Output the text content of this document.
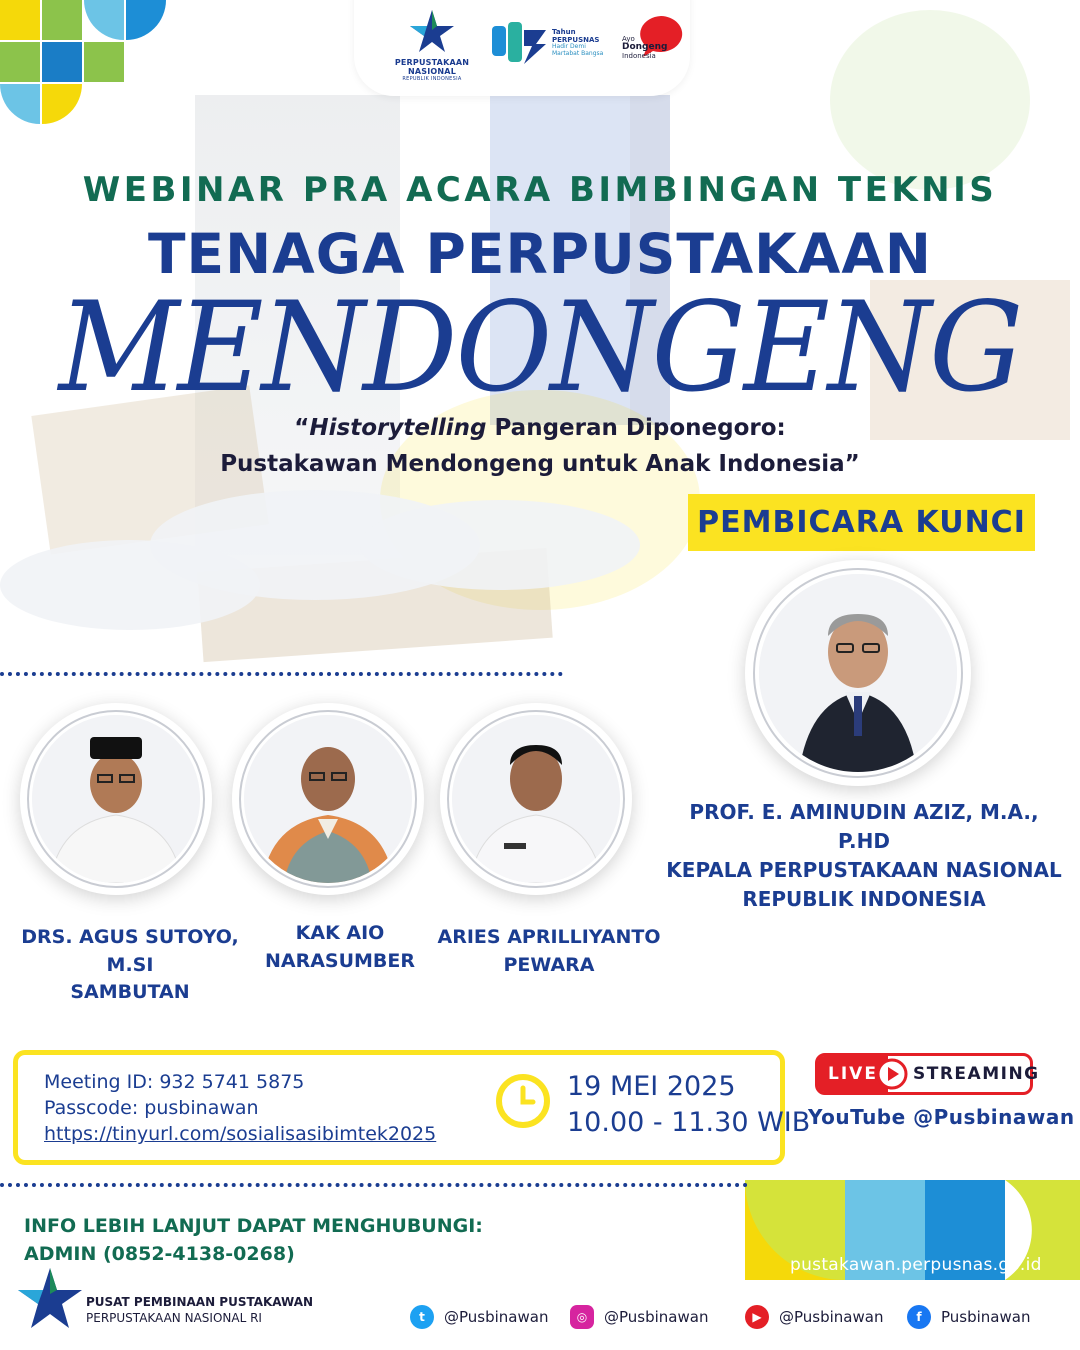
PERPUSTAKAAN NASIONAL
REPUBLIK INDONESIA
Tahun
PERPUSNAS
Hadir Demi
Martabat Bangsa
Ayo
Dongeng
Indonesia
WEBINAR PRA ACARA BIMBINGAN TEKNIS
TENAGA PERPUSTAKAAN
MENDONGENG
“Historytelling Pangeran Diponegoro:
Pustakawan Mendongeng untuk Anak Indonesia”
PEMBICARA KUNCI
PROF. E. AMINUDIN AZIZ, M.A., P.HD
KEPALA PERPUSTAKAAN NASIONAL
REPUBLIK INDONESIA
DRS. AGUS SUTOYO, M.SI
SAMBUTAN
KAK AIO
NARASUMBER
ARIES APRILLIYANTO
PEWARA
Meeting ID: 932 5741 5875
Passcode: pusbinawan
https://tinyurl.com/sosialisasibimtek2025
19 MEI 2025
10.00 - 11.30 WIB
LIVE	STREAMING
YouTube @Pusbinawan
INFO LEBIH LANJUT DAPAT MENGHUBUNGI:
ADMIN (0852-4138-0268)
PUSAT PEMBINAAN PUSTAKAWAN
PERPUSTAKAAN NASIONAL RI
pustakawan.perpusnas.go.id
t	@Pusbinawan	◎	@Pusbinawan	▶	@Pusbinawan	f	Pusbinawan
